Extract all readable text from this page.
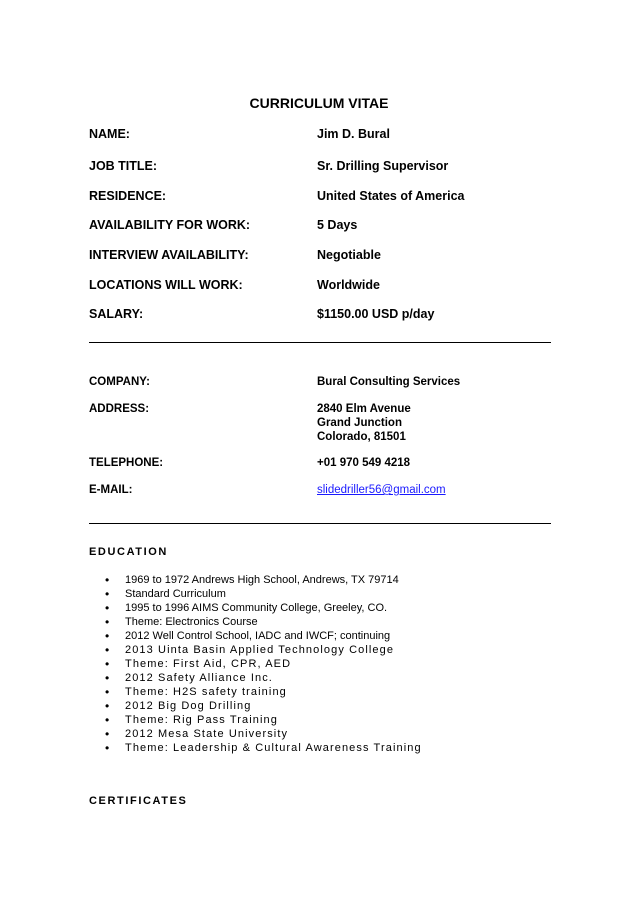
CURRICULUM VITAE
NAME:	Jim D. Bural
JOB TITLE:	Sr. Drilling Supervisor
RESIDENCE:	United States of America
AVAILABILITY FOR WORK:	5 Days
INTERVIEW AVAILABILITY:	Negotiable
LOCATIONS WILL WORK:	Worldwide
SALARY:	$1150.00 USD p/day
COMPANY:	Bural Consulting Services
ADDRESS:	2840 Elm Avenue
Grand Junction
Colorado, 81501
TELEPHONE:	+01 970 549 4218
E-MAIL:	slidedriller56@gmail.com
EDUCATION
• 1969 to 1972 Andrews High School, Andrews, TX 79714
• Standard Curriculum
• 1995 to 1996 AIMS Community College, Greeley, CO.
• Theme: Electronics Course
• 2012 Well Control School, IADC and IWCF; continuing
• 2013 Uinta Basin Applied Technology College
• Theme: First Aid, CPR, AED
• 2012 Safety Alliance Inc.
• Theme: H2S safety training
• 2012 Big Dog Drilling
• Theme: Rig Pass Training
• 2012 Mesa State University
• Theme: Leadership & Cultural Awareness Training
CERTIFICATES
